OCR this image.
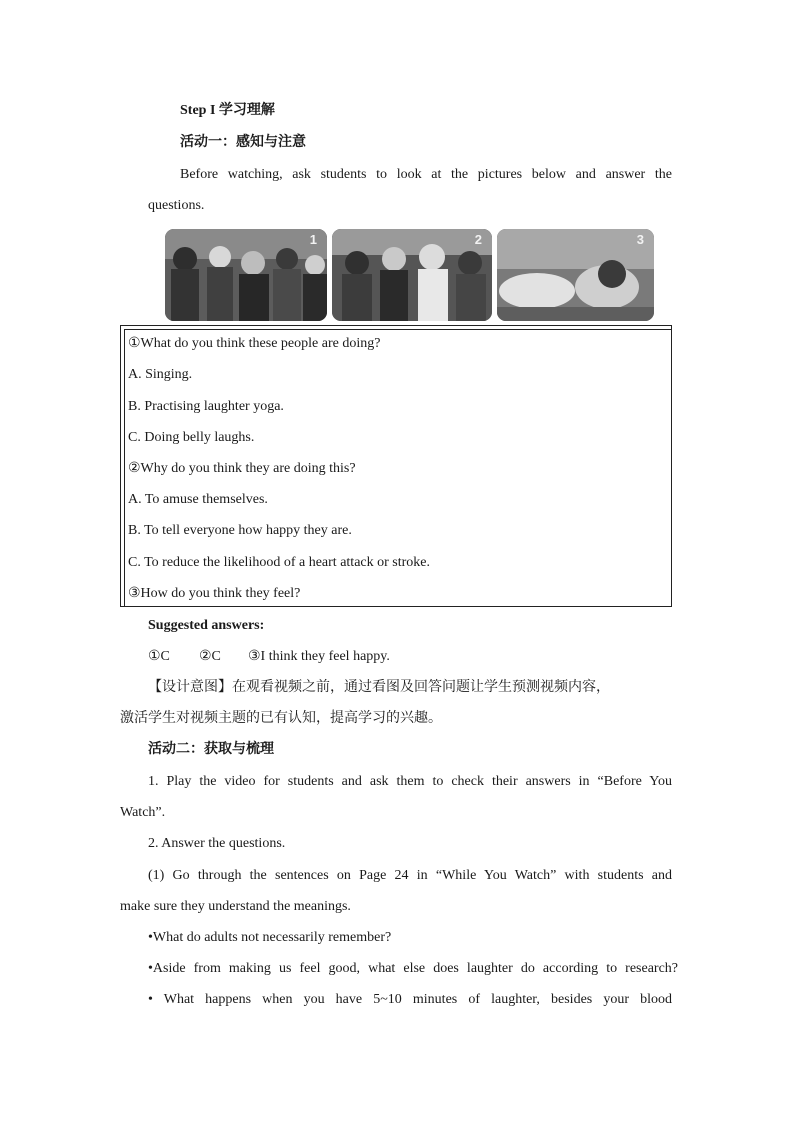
Step I 学习理解
活动一：感知与注意
Before watching, ask students to look at the pictures below and answer the
questions.
1	2	3
①What do you think these people are doing?
A. Singing.
B. Practising laughter yoga.
C. Doing belly laughs.
②Why do you think they are doing this?
A. To amuse themselves.
B. To tell everyone how happy they are.
C. To reduce the likelihood of a heart attack or stroke.
③How do you think they feel?
Suggested answers:
①C ②C ③I think they feel happy.
【设计意图】在观看视频之前，通过看图及回答问题让学生预测视频内容，
激活学生对视频主题的已有认知，提高学习的兴趣。
活动二：获取与梳理
1. Play the video for students and ask them to check their answers in “Before You
Watch”.
2. Answer the questions.
(1) Go through the sentences on Page 24 in “While You Watch” with students and
make sure they understand the meanings.
•What do adults not necessarily remember?
•Aside from making us feel good, what else does laughter do according to research?
• What happens when you have 5~10 minutes of laughter, besides your blood
